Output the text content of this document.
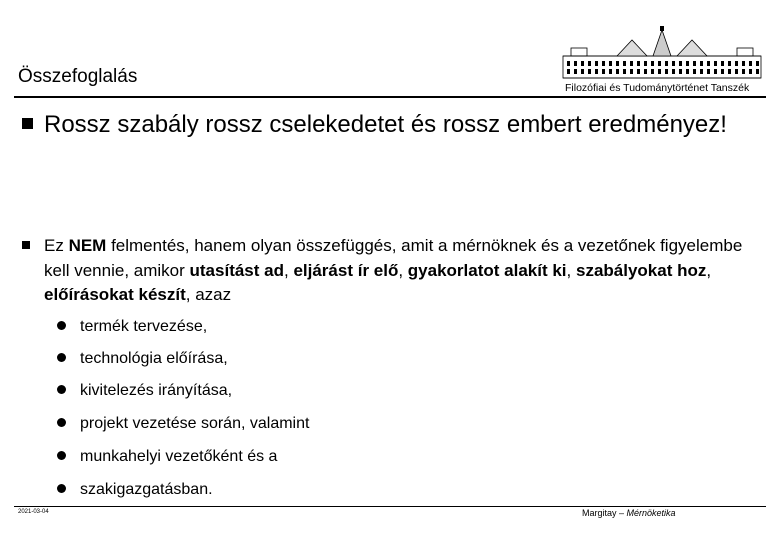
Összefoglalás
Filozófiai és Tudománytörténet Tanszék
Rossz szabály rossz cselekedetet és rossz embert eredményez!
Ez NEM felmentés, hanem olyan összefüggés, amit a mérnöknek és a vezetőnek figyelembe kell vennie, amikor utasítást ad, eljárást ír elő, gyakorlatot alakít ki, szabályokat hoz, előírásokat készít, azaz
termék tervezése,
technológia előírása,
kivitelezés irányítása,
projekt vezetése során, valamint
munkahelyi vezetőként és a
szakigazgatásban.
2021-03-04	Margitay – Mérnöketika
